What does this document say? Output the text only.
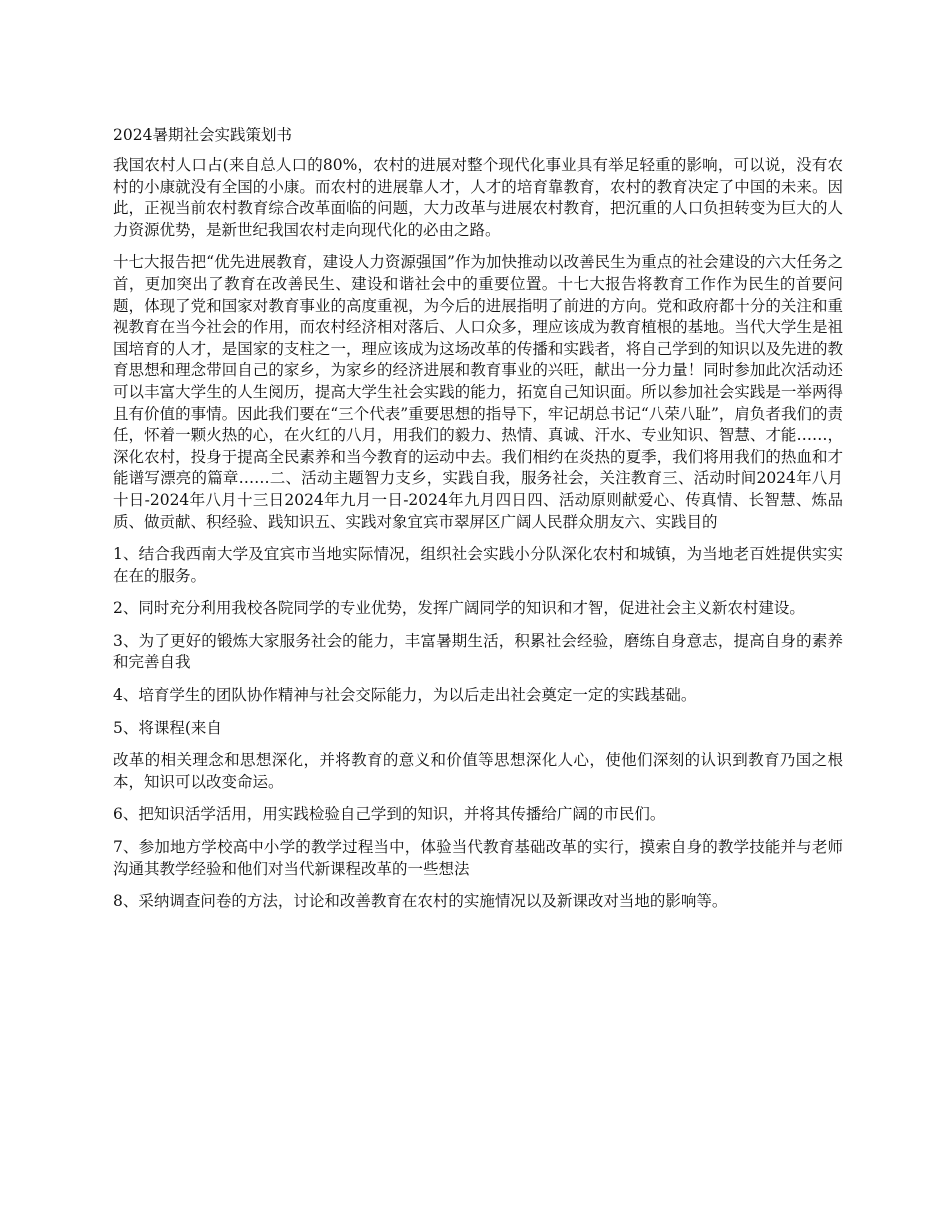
2024暑期社会实践策划书

我国农村人口占(来自总人口的80%，农村的进展对整个现代化事业具有举足轻重的影响，可以说，没有农村的小康就没有全国的小康。而农村的进展靠人才，人才的培育靠教育，农村的教育决定了中国的未来。因此，正视当前农村教育综合改革面临的问题，大力改革与进展农村教育，把沉重的人口负担转变为巨大的人力资源优势，是新世纪我国农村走向现代化的必由之路。

十七大报告把“优先进展教育，建设人力资源强国”作为加快推动以改善民生为重点的社会建设的六大任务之首，更加突出了教育在改善民生、建设和谐社会中的重要位置。十七大报告将教育工作作为民生的首要问题，体现了党和国家对教育事业的高度重视，为今后的进展指明了前进的方向。党和政府都十分的关注和重视教育在当今社会的作用，而农村经济相对落后、人口众多，理应该成为教育植根的基地。当代大学生是祖国培育的人才，是国家的支柱之一，理应该成为这场改革的传播和实践者，将自己学到的知识以及先进的教育思想和理念带回自己的家乡，为家乡的经济进展和教育事业的兴旺，献出一分力量！同时参加此次活动还可以丰富大学生的人生阅历，提高大学生社会实践的能力，拓宽自己知识面。所以参加社会实践是一举两得且有价值的事情。因此我们要在“三个代表”重要思想的指导下，牢记胡总书记“八荣八耻”，肩负者我们的责任，怀着一颗火热的心，在火红的八月，用我们的毅力、热情、真诚、汗水、专业知识、智慧、才能……，深化农村，投身于提高全民素养和当今教育的运动中去。我们相约在炎热的夏季，我们将用我们的热血和才能谱写漂亮的篇章……二、活动主题智力支乡，实践自我，服务社会，关注教育三、活动时间2024年八月十日-2024年八月十三日2024年九月一日-2024年九月四日四、活动原则献爱心、传真情、长智慧、炼品质、做贡献、积经验、践知识五、实践对象宜宾市翠屏区广阔人民群众朋友六、实践目的

1、结合我西南大学及宜宾市当地实际情况，组织社会实践小分队深化农村和城镇，为当地老百姓提供实实在在的服务。

2、同时充分利用我校各院同学的专业优势，发挥广阔同学的知识和才智，促进社会主义新农村建设。

3、为了更好的锻炼大家服务社会的能力，丰富暑期生活，积累社会经验，磨练自身意志，提高自身的素养和完善自我

4、培育学生的团队协作精神与社会交际能力，为以后走出社会奠定一定的实践基础。

5、将课程(来自

改革的相关理念和思想深化，并将教育的意义和价值等思想深化人心，使他们深刻的认识到教育乃国之根本，知识可以改变命运。

6、把知识活学活用，用实践检验自己学到的知识，并将其传播给广阔的市民们。

7、参加地方学校高中小学的教学过程当中，体验当代教育基础改革的实行，摸索自身的教学技能并与老师沟通其教学经验和他们对当代新课程改革的一些想法

8、采纳调查问卷的方法，讨论和改善教育在农村的实施情况以及新课改对当地的影响等。
